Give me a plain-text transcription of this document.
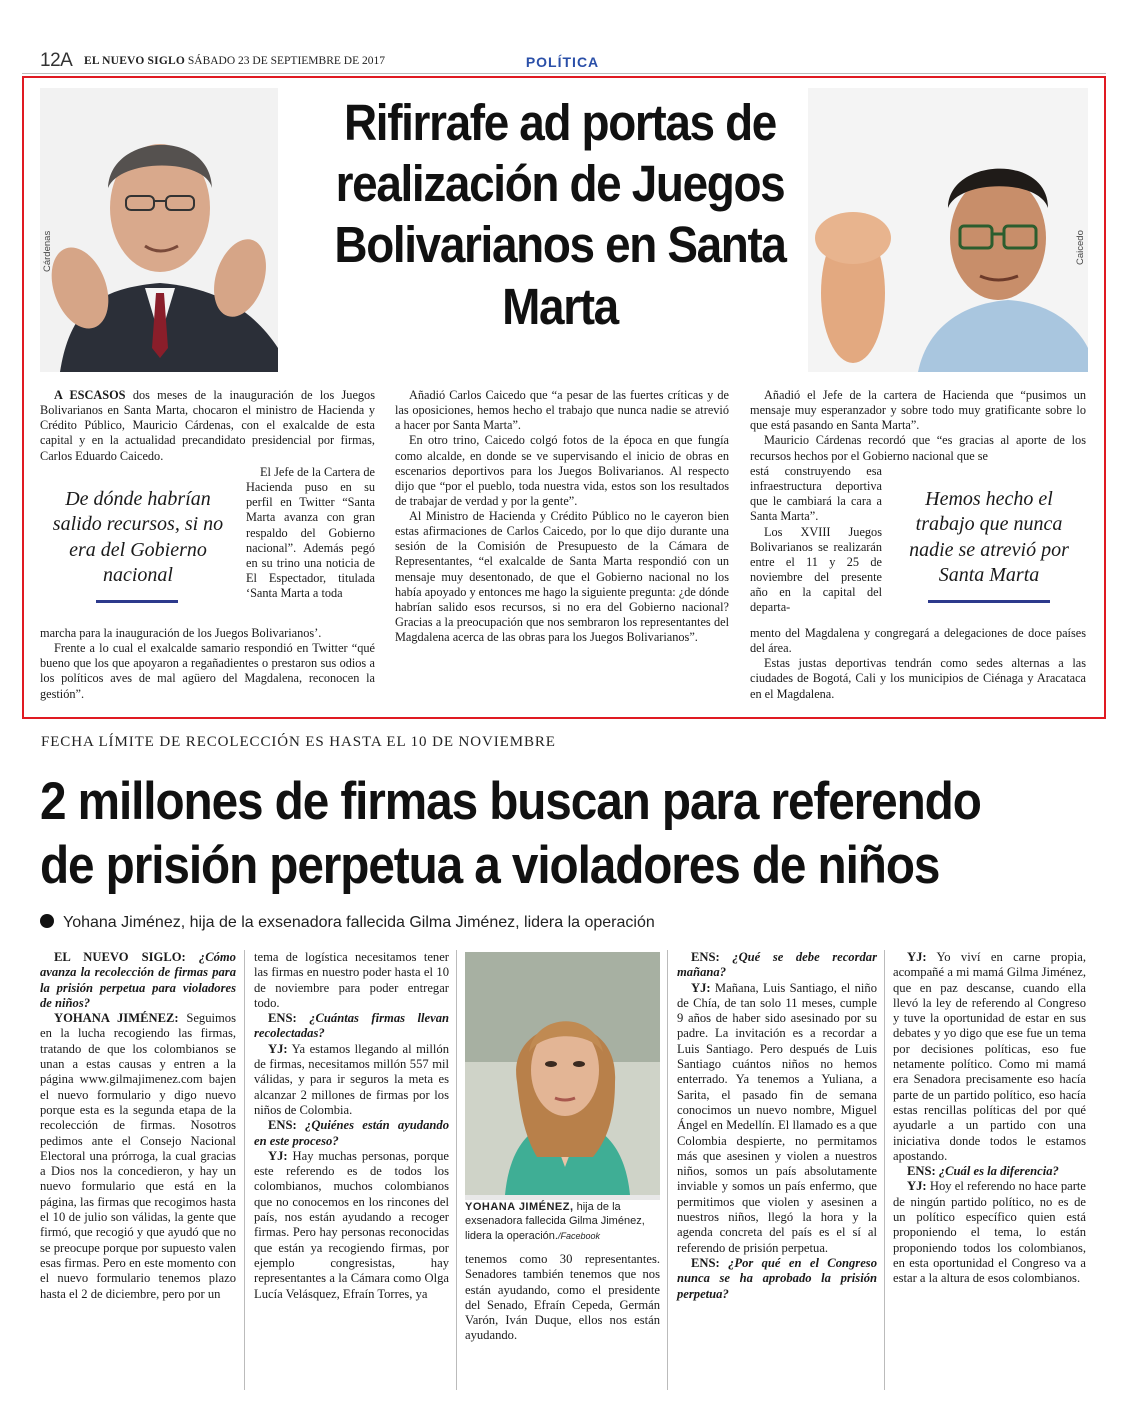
12A EL NUEVO SIGLO SÁBADO 23 DE SEPTIEMBRE DE 2017	POLÍTICA
Cárdenas	Caicedo
Rifirrafe ad portas de realización de Juegos Bolivarianos en Santa Marta

A ESCASOS dos meses de la inauguración de los Juegos Bolivarianos en Santa Marta, chocaron el ministro de Hacienda y Crédito Público, Mauricio Cárdenas, con el exalcalde de esta capital y en la actualidad precandidato presidencial por firmas, Carlos Eduardo Caicedo.

De dónde habrían salido recursos, si no era del Gobierno nacional

El Jefe de la Cartera de Hacienda puso en su perfil en Twitter “Santa Marta avanza con gran respaldo del Gobierno nacional”. Además pegó en su trino una noticia de El Espectador, titulada ‘Santa Marta a toda

marcha para la inauguración de los Juegos Bolivarianos’.

Frente a lo cual el exalcalde samario respondió en Twitter “qué bueno que los que apoyaron a regañadientes o prestaron sus odios a los políticos aves de mal agüero del Magdalena, reconocen la gestión”.

Añadió Carlos Caicedo que “a pesar de las fuertes críticas y de las oposiciones, hemos hecho el trabajo que nunca nadie se atrevió a hacer por Santa Marta”.

En otro trino, Caicedo colgó fotos de la época en que fungía como alcalde, en donde se ve supervisando el inicio de obras en escenarios deportivos para los Juegos Bolivarianos. Al respecto dijo que “por el pueblo, toda nuestra vida, estos son los resultados de trabajar de verdad y por la gente”.

Al Ministro de Hacienda y Crédito Público no le cayeron bien estas afirmaciones de Carlos Caicedo, por lo que dijo durante una sesión de la Comisión de Presupuesto de la Cámara de Representantes, “el exalcalde de Santa Marta respondió con un mensaje muy desentonado, de que el Gobierno nacional no los había apoyado y entonces me hago la siguiente pregunta: ¿de dónde habrían salido esos recursos, si no era del Gobierno nacional? Gracias a la preocupación que nos sembraron los representantes del Magdalena acerca de las obras para los Juegos Bolivarianos”.

Añadió el Jefe de la cartera de Hacienda que “pusimos un mensaje muy esperanzador y sobre todo muy gratificante sobre lo que está pasando en Santa Marta”.

Mauricio Cárdenas recordó que “es gracias al aporte de los recursos hechos por el Gobierno nacional que se

está construyendo esa infraestructura deportiva que le cambiará la cara a Santa Marta”.

Los XVIII Juegos Bolivarianos se realizarán entre el 11 y 25 de noviembre del presente año en la capital del departa-

Hemos hecho el trabajo que nunca nadie se atrevió por Santa Marta

mento del Magdalena y congregará a delegaciones de doce países del área.

Estas justas deportivas tendrán como sedes alternas a las ciudades de Bogotá, Cali y los municipios de Ciénaga y Aracataca en el Magdalena.

FECHA LÍMITE DE RECOLECCIÓN ES HASTA EL 10 DE NOVIEMBRE
2 millones de firmas buscan para referendo
de prisión perpetua a violadores de niños
Yohana Jiménez, hija de la exsenadora fallecida Gilma Jiménez, lidera la operación

EL NUEVO SIGLO: ¿Cómo avanza la recolección de firmas para la prisión perpetua para violadores de niños?

YOHANA JIMÉNEZ: Seguimos en la lucha recogiendo las firmas, tratando de que los colombianos se unan a estas causas y entren a la página www.gilmajimenez.com bajen el nuevo formulario y digo nuevo porque esta es la segunda etapa de la recolección de firmas. Nosotros pedimos ante el Consejo Nacional Electoral una prórroga, la cual gracias a Dios nos la concedieron, y hay un nuevo formulario que está en la página, las firmas que recogimos hasta el 10 de julio son válidas, la gente que firmó, que recogió y que ayudó que no se preocupe porque por supuesto valen esas firmas. Pero en este momento con el nuevo formulario tenemos plazo hasta el 2 de diciembre, pero por un

tema de logística necesitamos tener las firmas en nuestro poder hasta el 10 de noviembre para poder entregar todo.

ENS: ¿Cuántas firmas llevan recolectadas?

YJ: Ya estamos llegando al millón de firmas, necesitamos millón 557 mil válidas, y para ir seguros la meta es alcanzar 2 millones de firmas por los niños de Colombia.

ENS: ¿Quiénes están ayudando en este proceso?

YJ: Hay muchas personas, porque este referendo es de todos los colombianos, muchos colombianos que no conocemos en los rincones del país, nos están ayudando a recoger firmas. Pero hay personas reconocidas que están ya recogiendo firmas, por ejemplo congresistas, hay representantes a la Cámara como Olga Lucía Velásquez, Efraín Torres, ya

YOHANA JIMÉNEZ, hija de la exsenadora fallecida Gilma Jiménez, lidera la operación./Facebook

tenemos como 30 representantes. Senadores también tenemos que nos están ayudando, como el presidente del Senado, Efraín Cepeda, Germán Varón, Iván Duque, ellos nos están ayudando.

ENS: ¿Qué se debe recordar mañana?

YJ: Mañana, Luis Santiago, el niño de Chía, de tan solo 11 meses, cumple 9 años de haber sido asesinado por su padre. La invitación es a recordar a Luis Santiago. Pero después de Luis Santiago cuántos niños no hemos enterrado. Ya tenemos a Yuliana, a Sarita, el pasado fin de semana conocimos un nuevo nombre, Miguel Ángel en Medellín. El llamado es a que Colombia despierte, no permitamos más que asesinen y violen a nuestros niños, somos un país absolutamente inviable y somos un país enfermo, que permitimos que violen y asesinen a nuestros niños, llegó la hora y la agenda concreta del país es el sí al referendo de prisión perpetua.

ENS: ¿Por qué en el Congreso nunca se ha aprobado la prisión perpetua?

YJ: Yo viví en carne propia, acompañé a mi mamá Gilma Jiménez, que en paz descanse, cuando ella llevó la ley de referendo al Congreso y tuve la oportunidad de estar en sus debates y yo digo que ese fue un tema por decisiones políticas, eso fue netamente político. Como mi mamá era Senadora precisamente eso hacía parte de un partido político, eso hacía estas rencillas políticas del por qué ayudarle a un partido con una iniciativa donde todos le estamos apostando.

ENS: ¿Cuál es la diferencia?

YJ: Hoy el referendo no hace parte de ningún partido político, no es de un político específico quien está proponiendo el tema, lo están proponiendo todos los colombianos, en esta oportunidad el Congreso va a estar a la altura de esos colombianos.
